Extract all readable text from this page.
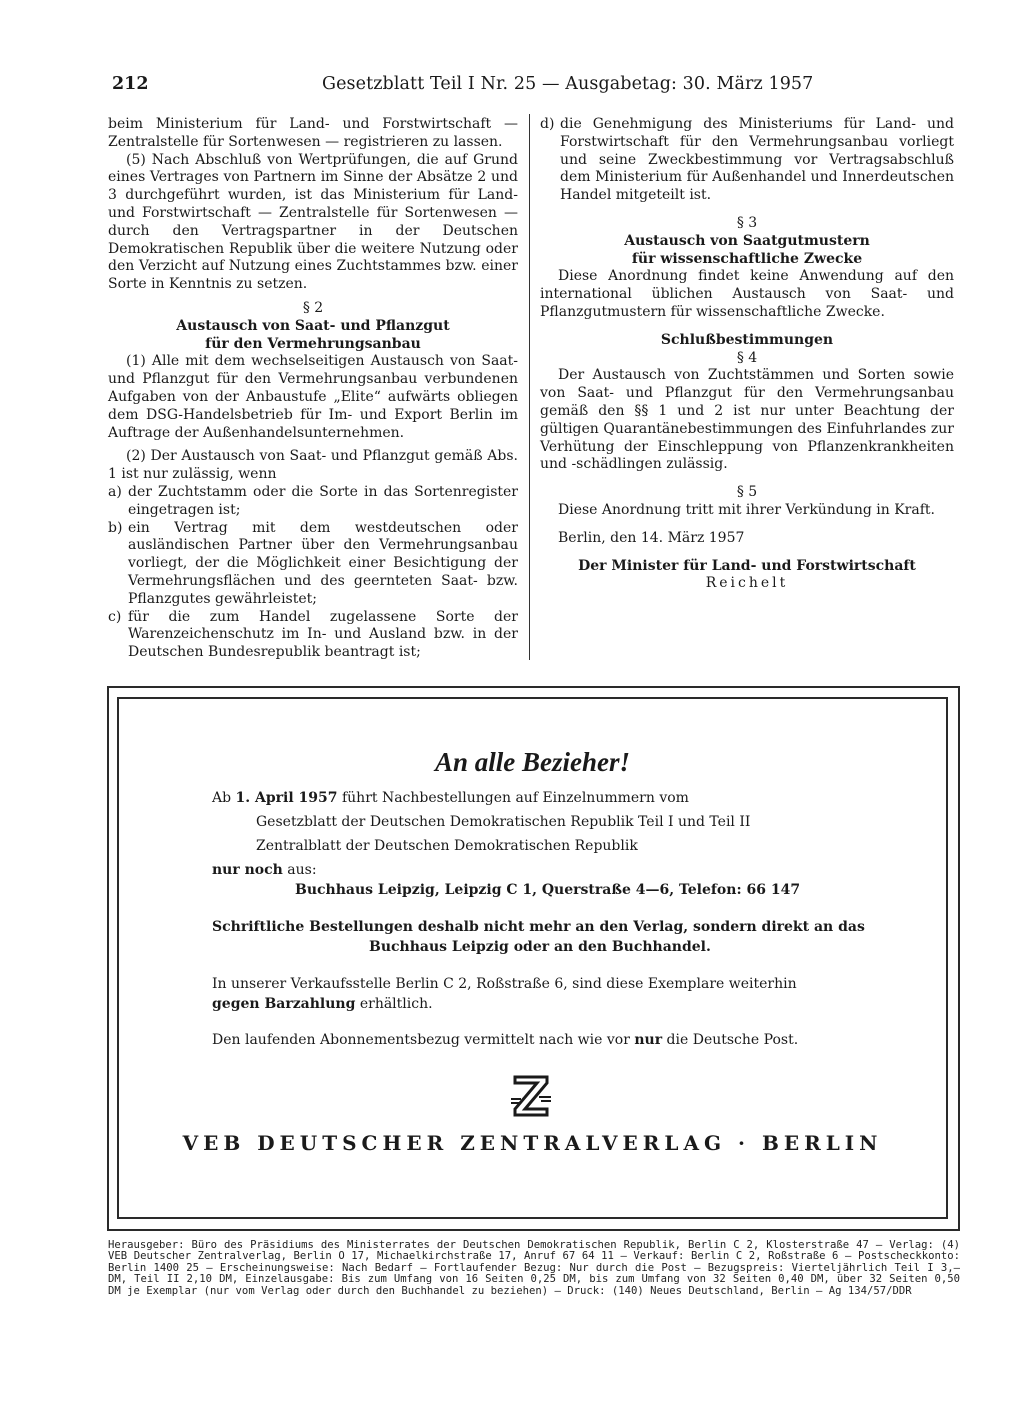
212	Gesetzblatt Teil I Nr. 25 — Ausgabetag: 30. März 1957

beim Ministerium für Land- und Forstwirtschaft — Zentralstelle für Sortenwesen — registrieren zu lassen.

(5) Nach Abschluß von Wertprüfungen, die auf Grund eines Vertrages von Partnern im Sinne der Absätze 2 und 3 durchgeführt wurden, ist das Ministerium für Land- und Forstwirtschaft — Zentralstelle für Sortenwesen — durch den Vertragspartner in der Deutschen Demokratischen Republik über die weitere Nutzung oder den Verzicht auf Nutzung eines Zuchtstammes bzw. einer Sorte in Kenntnis zu setzen.

§ 2

Austausch von Saat- und Pflanzgut

für den Vermehrungsanbau

(1) Alle mit dem wechselseitigen Austausch von Saat- und Pflanzgut für den Vermehrungsanbau verbundenen Aufgaben von der Anbaustufe „Elite“ aufwärts obliegen dem DSG-Handelsbetrieb für Im- und Export Berlin im Auftrage der Außenhandelsunternehmen.

(2) Der Austausch von Saat- und Pflanzgut gemäß Abs. 1 ist nur zulässig, wenn

a) der Zuchtstamm oder die Sorte in das Sortenregister eingetragen ist;
b) ein Vertrag mit dem westdeutschen oder ausländischen Partner über den Vermehrungsanbau vorliegt, der die Möglichkeit einer Besichtigung der Vermehrungsflächen und des geernteten Saat- bzw. Pflanzgutes gewährleistet;
c) für die zum Handel zugelassene Sorte der Warenzeichenschutz im In- und Ausland bzw. in der Deutschen Bundesrepublik beantragt ist;
d) die Genehmigung des Ministeriums für Land- und Forstwirtschaft für den Vermehrungsanbau vorliegt und seine Zweckbestimmung vor Vertragsabschluß dem Ministerium für Außenhandel und Innerdeutschen Handel mitgeteilt ist.

§ 3

Austausch von Saatgutmustern

für wissenschaftliche Zwecke

Diese Anordnung findet keine Anwendung auf den international üblichen Austausch von Saat- und Pflanzgutmustern für wissenschaftliche Zwecke.

Schlußbestimmungen

§ 4

Der Austausch von Zuchtstämmen und Sorten sowie von Saat- und Pflanzgut für den Vermehrungsanbau gemäß den §§ 1 und 2 ist nur unter Beachtung der gültigen Quarantänebestimmungen des Einfuhrlandes zur Verhütung der Einschleppung von Pflanzenkrankheiten und -schädlingen zulässig.

§ 5

Diese Anordnung tritt mit ihrer Verkündung in Kraft.

Berlin, den 14. März 1957

Der Minister für Land- und Forstwirtschaft

Reichelt

An alle Bezieher!
Ab 1. April 1957 führt Nachbestellungen auf Einzelnummern vom
Gesetzblatt der Deutschen Demokratischen Republik Teil I und Teil II
Zentralblatt der Deutschen Demokratischen Republik
nur noch aus:
Buchhaus Leipzig, Leipzig C 1, Querstraße 4—6, Telefon: 66 147
Schriftliche Bestellungen deshalb nicht mehr an den Verlag, sondern direkt an das
Buchhaus Leipzig oder an den Buchhandel.
In unserer Verkaufsstelle Berlin C 2, Roßstraße 6, sind diese Exemplare weiterhin
gegen Barzahlung erhältlich.
Den laufenden Abonnementsbezug vermittelt nach wie vor nur die Deutsche Post.
VEB DEUTSCHER ZENTRALVERLAG · BERLIN

Herausgeber: Büro des Präsidiums des Ministerrates der Deutschen Demokratischen Republik, Berlin C 2, Klosterstraße 47 — Verlag: (4) VEB Deutscher Zentralverlag, Berlin O 17, Michaelkirchstraße 17, Anruf 67 64 11 — Verkauf: Berlin C 2, Roßstraße 6 — Postscheckkonto: Berlin 1400 25 — Erscheinungsweise: Nach Bedarf — Fortlaufender Bezug: Nur durch die Post — Bezugspreis: Vierteljährlich Teil I 3,— DM, Teil II 2,10 DM, Einzelausgabe: Bis zum Umfang von 16 Seiten 0,25 DM, bis zum Umfang von 32 Seiten 0,40 DM, über 32 Seiten 0,50 DM je Exemplar (nur vom Verlag oder durch den Buchhandel zu beziehen) — Druck: (140) Neues Deutschland, Berlin — Ag 134/57/DDR
